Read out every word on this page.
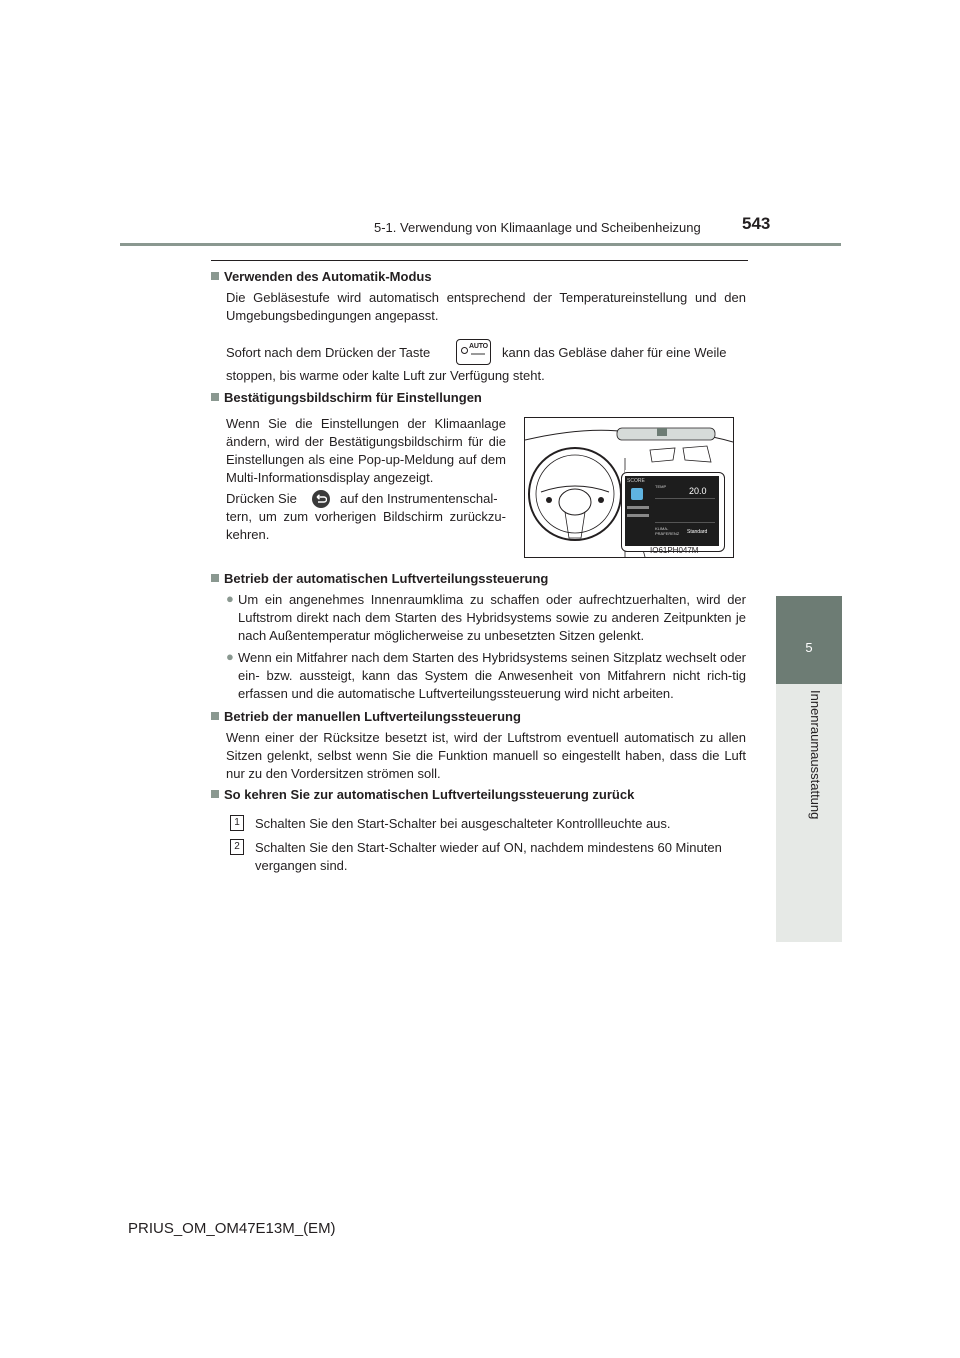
5-1. Verwendung von Klimaanlage und Scheibenheizung 543
5
Innenraumausstattung
Verwenden des Automatik-Modus
Die Gebläsestufe wird automatisch entsprechend der Temperatureinstellung und den Umgebungsbedingungen angepasst.
Sofort nach dem Drücken der Taste	AUTO kann das Gebläse daher für eine Weile
stoppen, bis warme oder kalte Luft zur Verfügung steht.
Bestätigungsbildschirm für Einstellungen
Wenn Sie die Einstellungen der Klimaanlage ändern, wird der Bestätigungsbildschirm für die Einstellungen als eine Pop-up-Meldung auf dem Multi-Informationsdisplay angezeigt.
Drücken Sie	auf den Instrumentenschal-
tern, um zum vorherigen Bildschirm zurückzu-kehren.
SCORE
TEMP	20.0
KLIMA-
PRÄFERENZ Standard
IO61PH047M
Betrieb der automatischen Luftverteilungssteuerung
● Um ein angenehmes Innenraumklima zu schaffen oder aufrechtzuerhalten, wird der Luftstrom direkt nach dem Starten des Hybridsystems sowie zu anderen Zeitpunkten je nach Außentemperatur möglicherweise zu unbesetzten Sitzen gelenkt.
● Wenn ein Mitfahrer nach dem Starten des Hybridsystems seinen Sitzplatz wechselt oder ein- bzw. aussteigt, kann das System die Anwesenheit von Mitfahrern nicht rich-tig erfassen und die automatische Luftverteilungssteuerung wird nicht arbeiten.
Betrieb der manuellen Luftverteilungssteuerung
Wenn einer der Rücksitze besetzt ist, wird der Luftstrom eventuell automatisch zu allen Sitzen gelenkt, selbst wenn Sie die Funktion manuell so eingestellt haben, dass die Luft nur zu den Vordersitzen strömen soll.
So kehren Sie zur automatischen Luftverteilungssteuerung zurück
1	Schalten Sie den Start-Schalter bei ausgeschalteter Kontrollleuchte aus.
2	Schalten Sie den Start-Schalter wieder auf ON, nachdem mindestens 60 Minuten vergangen sind.
PRIUS_OM_OM47E13M_(EM)
